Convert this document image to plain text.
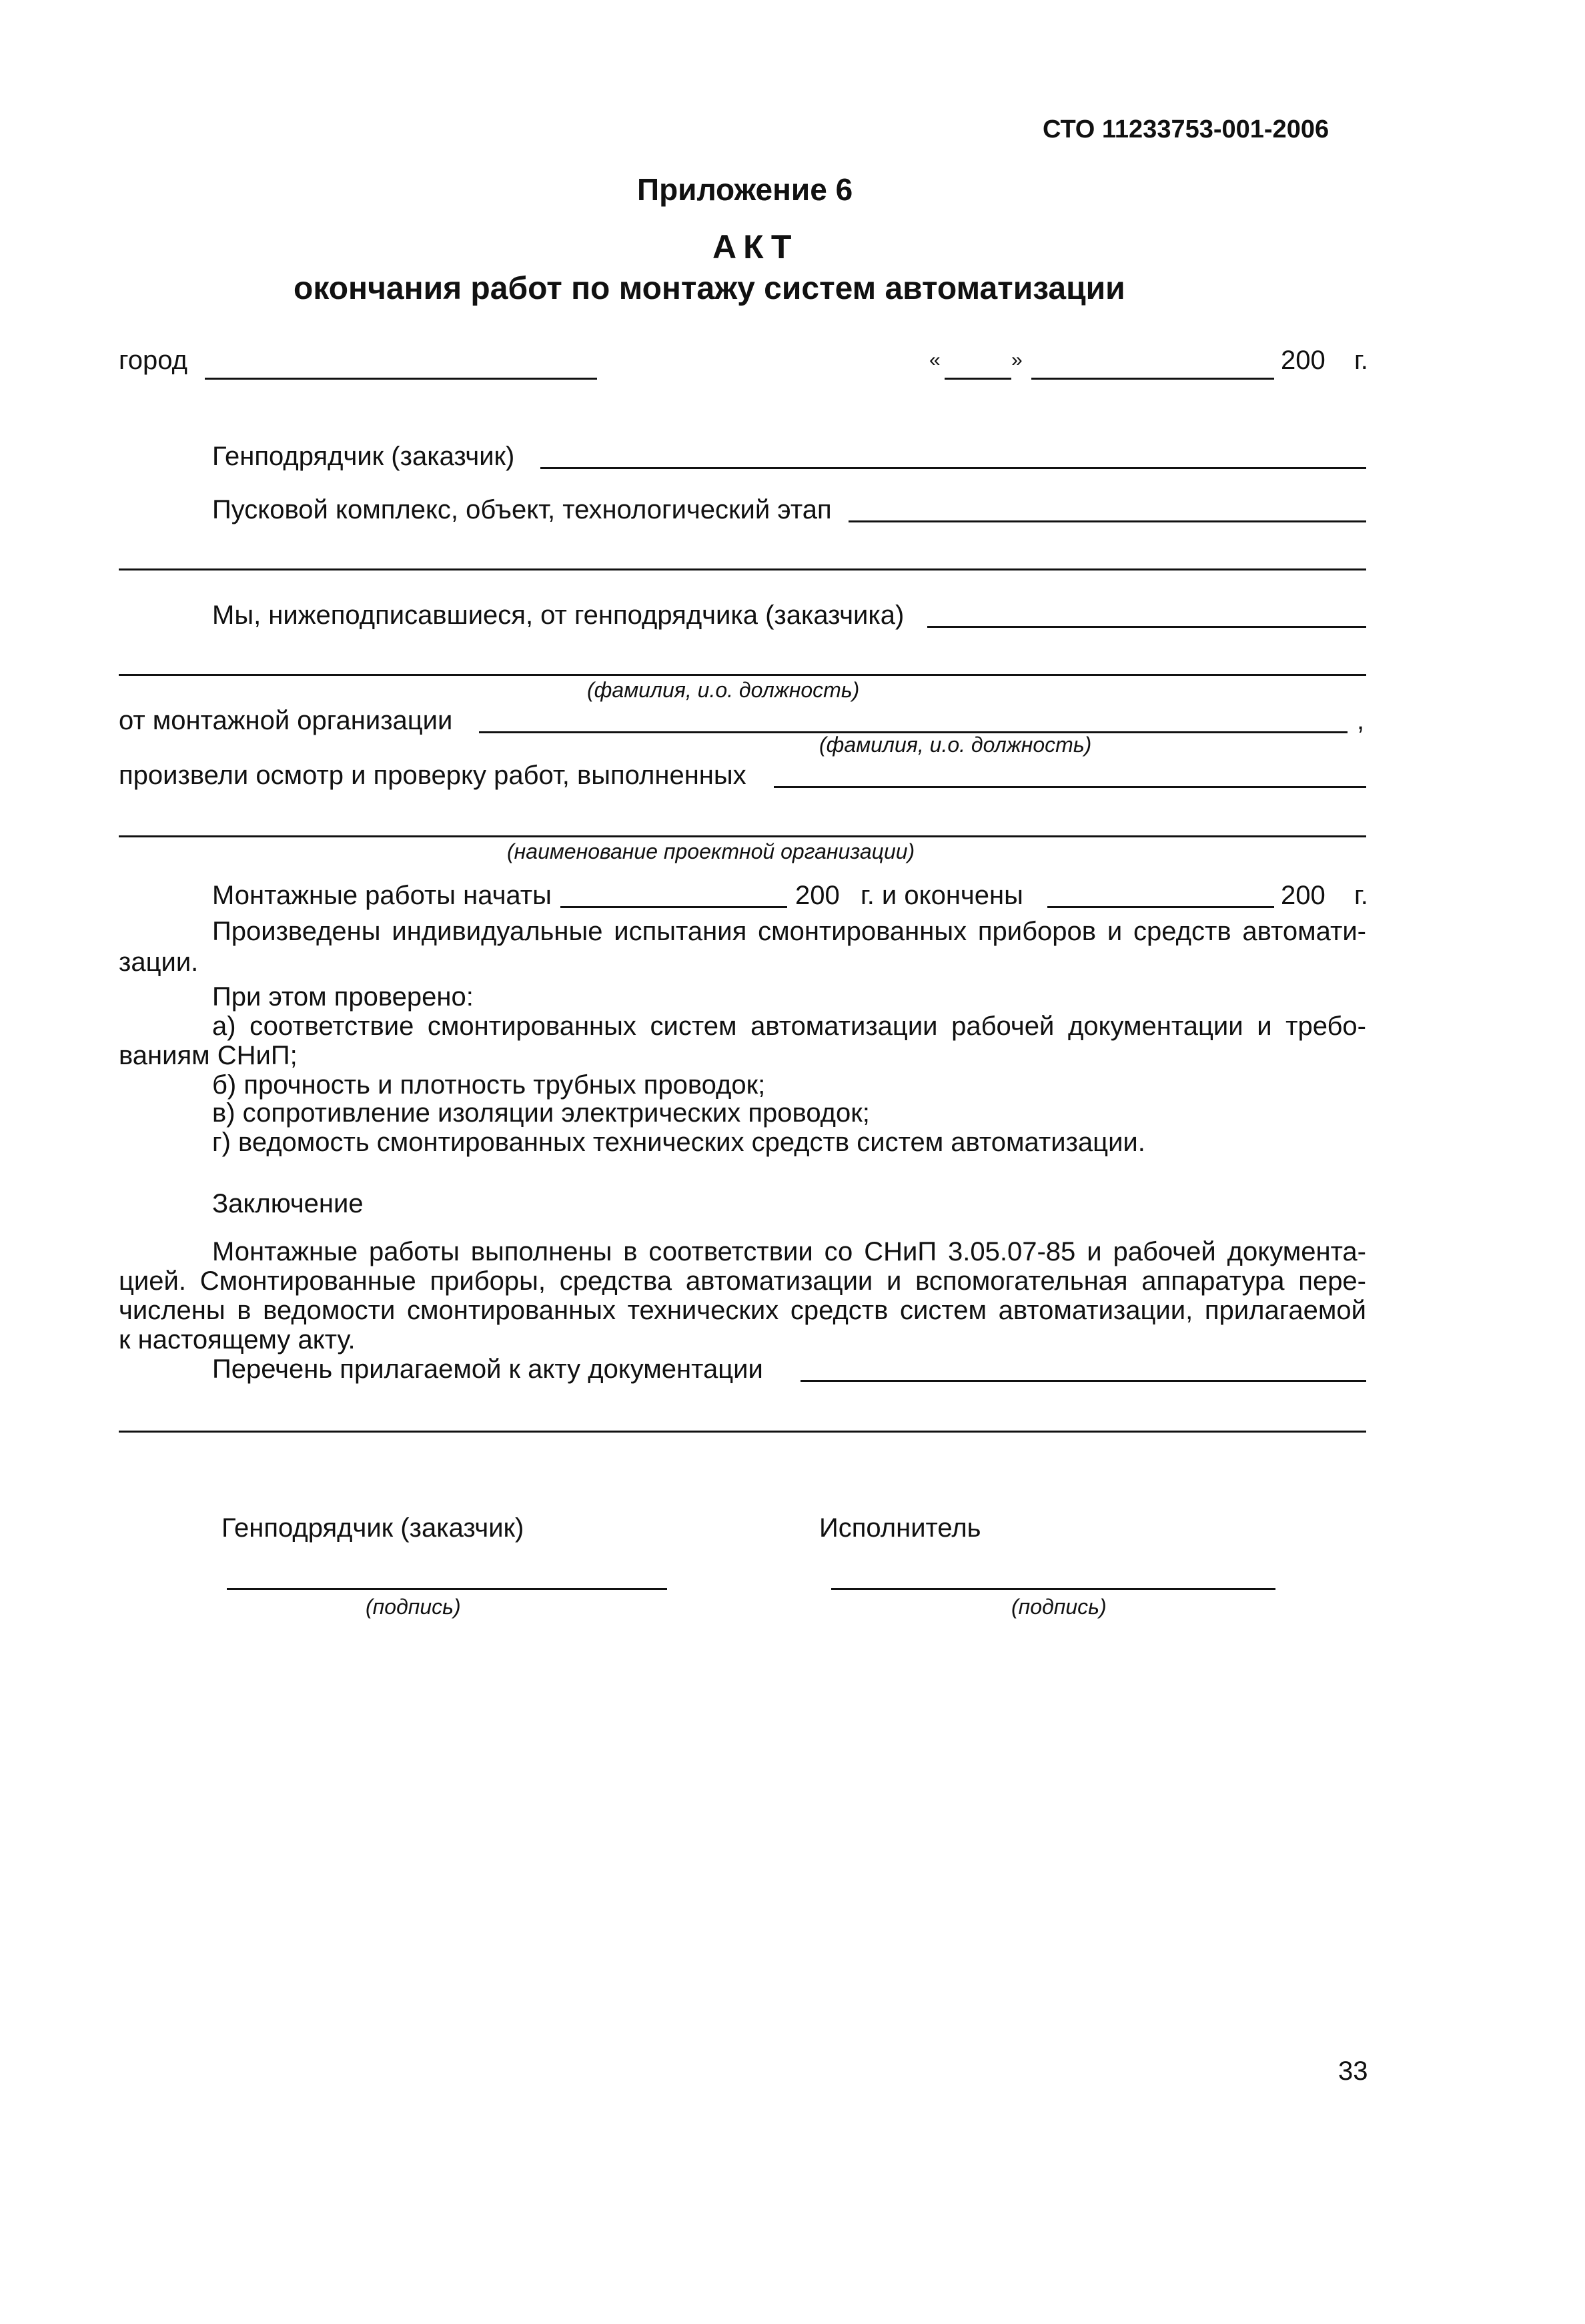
СТО 11233753-001-2006
Приложение 6
АКТ
окончания работ по монтажу систем автоматизации
город	«	»	200 г.
Генподрядчик (заказчик)
Пусковой комплекс, объект, технологический этап
Мы, нижеподписавшиеся, от генподрядчика (заказчика)
(фамилия, и.о. должность)
от монтажной организации	,
(фамилия, и.о. должность)
произвели осмотр и проверку работ, выполненных
(наименование проектной организации)
Монтажные работы начаты	200 г. и окончены	200 г.
Произведены индивидуальные испытания смонтированных приборов и средств автомати-
зации.
При этом проверено:
а) соответствие смонтированных систем автоматизации рабочей документации и требо-
ваниям СНиП;
б) прочность и плотность трубных проводок;
в) сопротивление изоляции электрических проводок;
г) ведомость смонтированных технических средств систем автоматизации.
Заключение
Монтажные работы выполнены в соответствии со СНиП 3.05.07-85 и рабочей документа-
цией. Смонтированные приборы, средства автоматизации и вспомогательная аппаратура пере-
числены в ведомости смонтированных технических средств систем автоматизации, прилагаемой
к настоящему акту.
Перечень прилагаемой к акту документации
Генподрядчик (заказчик)	Исполнитель
(подпись)	(подпись)
33
